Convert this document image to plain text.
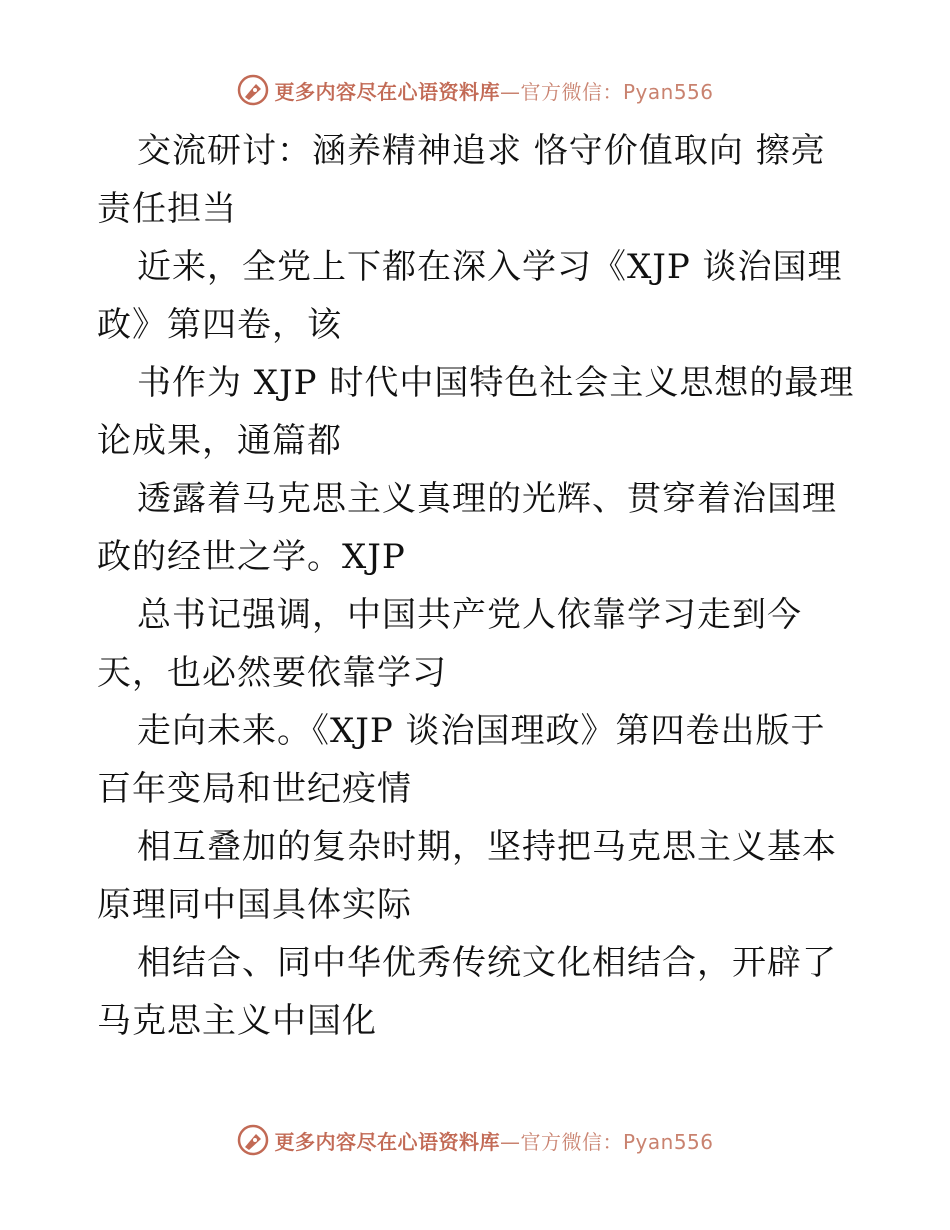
更多内容尽在心语资料库—官方微信：Pyan556

交流研讨：涵养精神追求 恪守价值取向 擦亮责任担当

近来，全党上下都在深入学习《XJP 谈治国理政》第四卷，该

书作为 XJP 时代中国特色社会主义思想的最理论成果，通篇都

透露着马克思主义真理的光辉、贯穿着治国理政的经世之学。XJP

总书记强调，中国共产党人依靠学习走到今天，也必然要依靠学习

走向未来。《XJP 谈治国理政》第四卷出版于百年变局和世纪疫情

相互叠加的复杂时期，坚持把马克思主义基本原理同中国具体实际

相结合、同中华优秀传统文化相结合，开辟了马克思主义中国化

更多内容尽在心语资料库—官方微信：Pyan556
